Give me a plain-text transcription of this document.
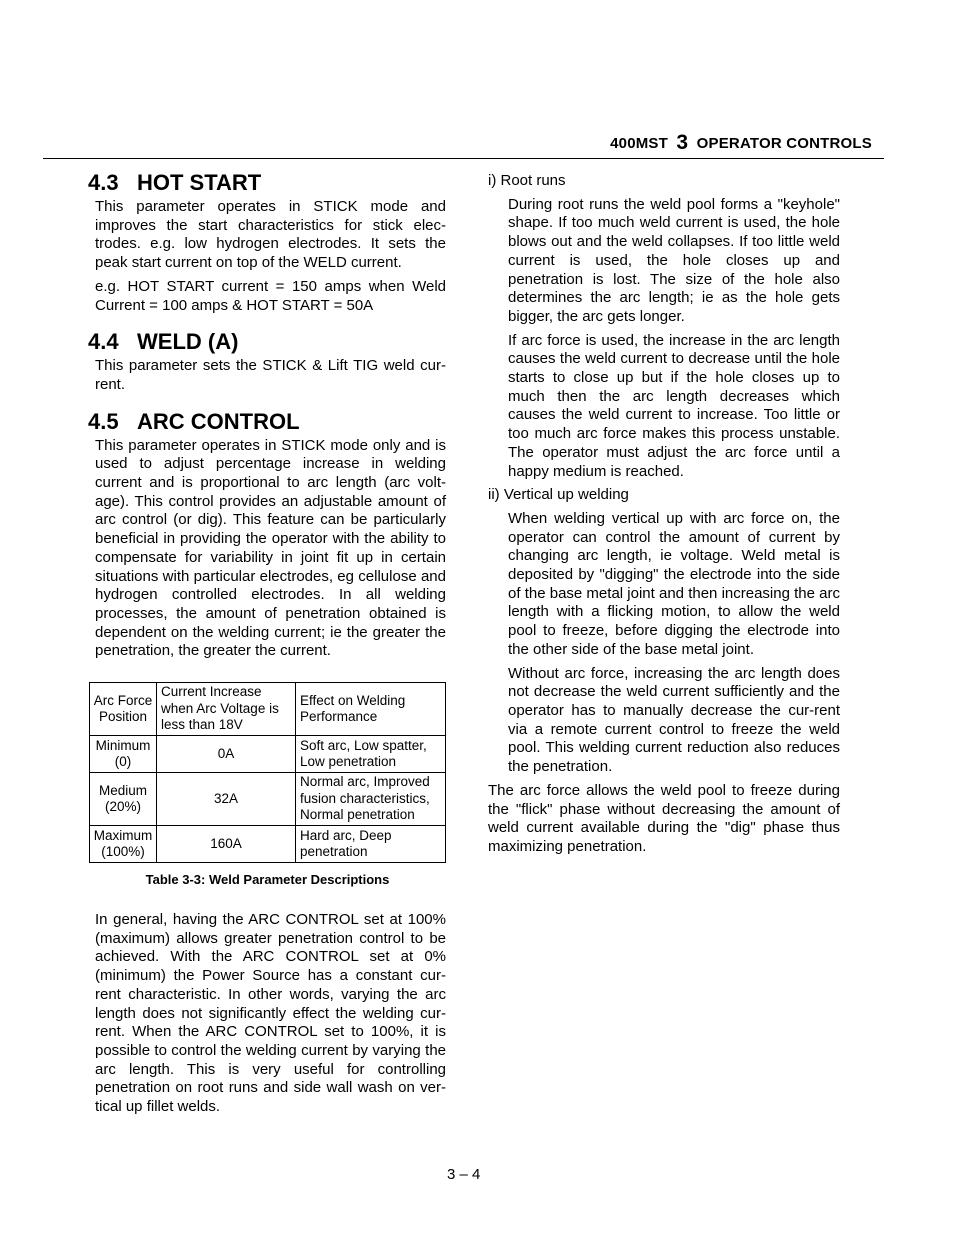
400MST 3 OPERATOR CONTROLS
4.3 HOT START

This parameter operates in STICK mode and improves the start characteristics for stick elec-trodes. e.g. low hydrogen electrodes. It sets the peak start current on top of the WELD current.

e.g. HOT START current = 150 amps when Weld Current = 100 amps & HOT START = 50A

4.4 WELD (A)

This parameter sets the STICK & Lift TIG weld cur-rent.

4.5 ARC CONTROL

This parameter operates in STICK mode only and is used to adjust percentage increase in welding current and is proportional to arc length (arc volt-age). This control provides an adjustable amount of arc control (or dig). This feature can be particularly beneficial in providing the operator with the ability to compensate for variability in joint fit up in certain situations with particular electrodes, eg cellulose and hydrogen controlled electrodes. In all welding processes, the amount of penetration obtained is dependent on the welding current; ie the greater the penetration, the greater the current.

Arc Force Position	Current Increase when Arc Voltage is less than 18V	Effect on Welding Performance
Minimum (0)	0A	Soft arc, Low spatter, Low penetration
Medium (20%)	32A	Normal arc, Improved fusion characteristics, Normal penetration
Maximum (100%)	160A	Hard arc, Deep penetration
Table 3-3: Weld Parameter Descriptions

In general, having the ARC CONTROL set at 100% (maximum) allows greater penetration control to be achieved. With the ARC CONTROL set at 0% (minimum) the Power Source has a constant cur-rent characteristic. In other words, varying the arc length does not significantly effect the welding cur-rent. When the ARC CONTROL set to 100%, it is possible to control the welding current by varying the arc length. This is very useful for controlling penetration on root runs and side wall wash on ver-tical up fillet welds.

i) Root runs

During root runs the weld pool forms a "keyhole" shape. If too much weld current is used, the hole blows out and the weld collapses. If too little weld current is used, the hole closes up and penetration is lost. The size of the hole also determines the arc length; ie as the hole gets bigger, the arc gets longer.

If arc force is used, the increase in the arc length causes the weld current to decrease until the hole starts to close up but if the hole closes up to much then the arc length decreases which causes the weld current to increase. Too little or too much arc force makes this process unstable. The operator must adjust the arc force until a happy medium is reached.

ii) Vertical up welding

When welding vertical up with arc force on, the operator can control the amount of current by changing arc length, ie voltage. Weld metal is deposited by "digging" the electrode into the side of the base metal joint and then increasing the arc length with a flicking motion, to allow the weld pool to freeze, before digging the electrode into the other side of the base metal joint.

Without arc force, increasing the arc length does not decrease the weld current sufficiently and the operator has to manually decrease the cur-rent via a remote current control to freeze the weld pool. This welding current reduction also reduces the penetration.

The arc force allows the weld pool to freeze during the "flick" phase without decreasing the amount of weld current available during the "dig" phase thus maximizing penetration.

3 – 4
